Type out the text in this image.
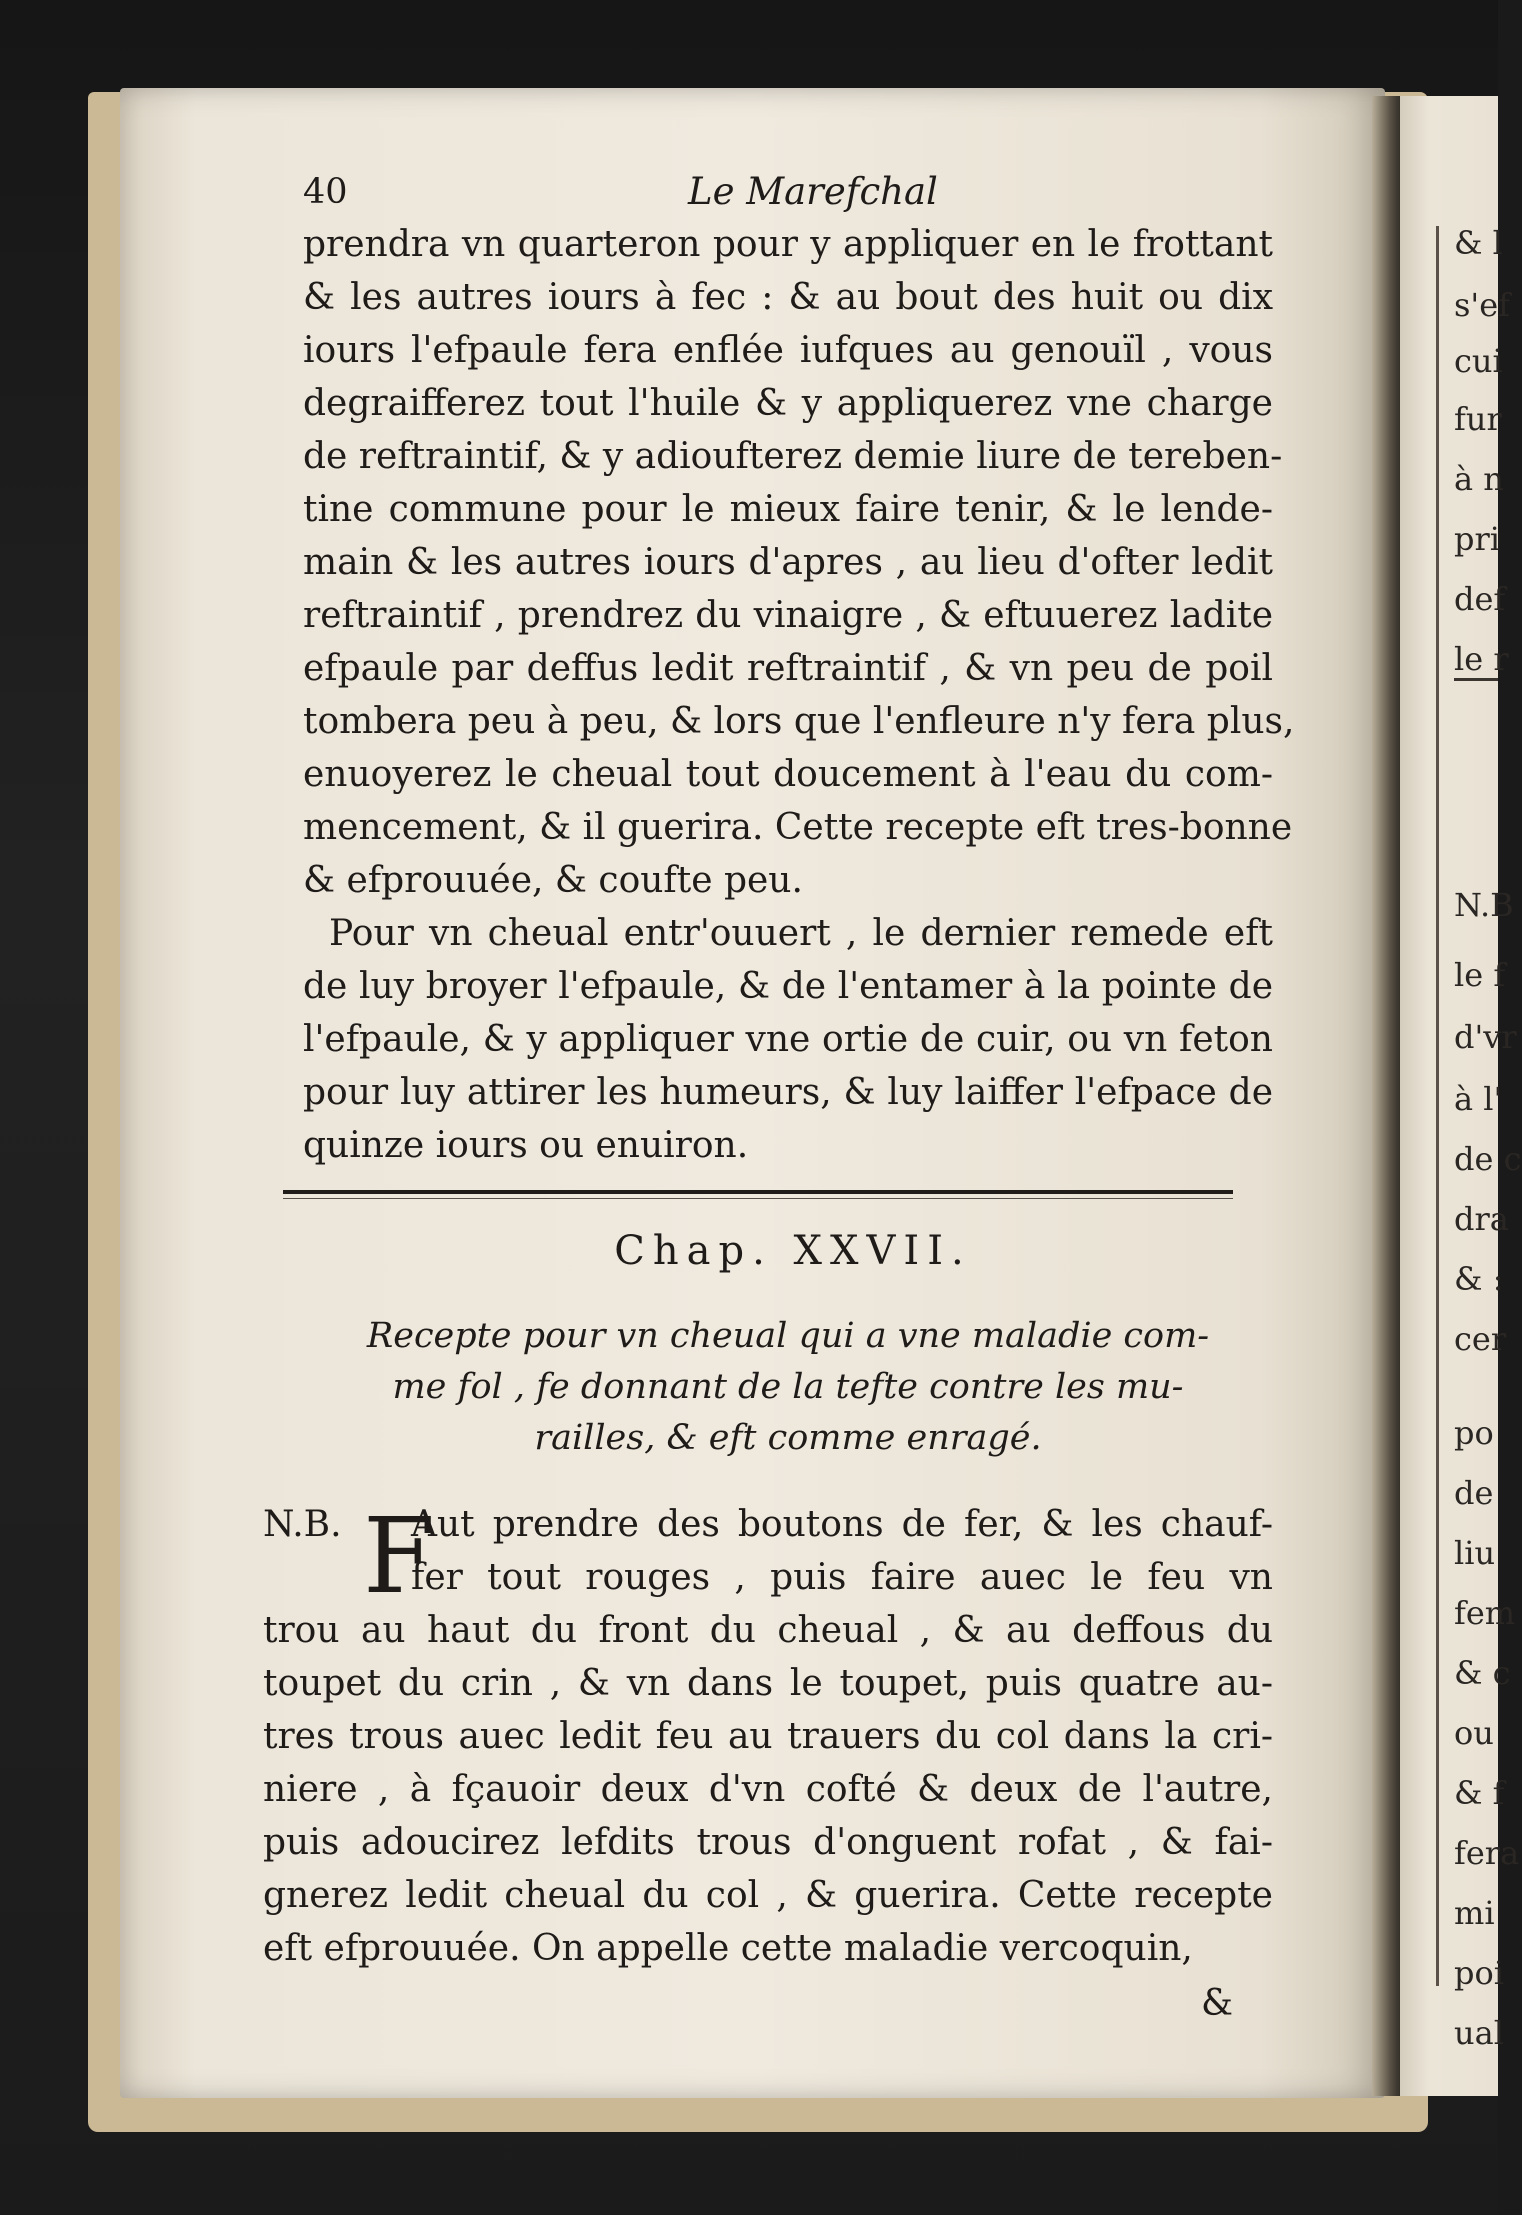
& l
s'ef
cui
fur
à n
pri
def
le r
N.B
le f
d'vr
à l'
de c
dra
& :
cer
po
de
liu
fem
& c
ou
& f
fera
mi
poi
ual
40	Le Marefchal
prendra vn quarteron pour y appliquer en le frottant
& les autres iours à fec : & au bout des huit ou dix
iours l'efpaule fera enflée iufques au genouïl , vous
degraifferez tout l'huile & y appliquerez vne charge
de reftraintif, & y adioufterez demie liure de tereben-
tine commune pour le mieux faire tenir, & le lende-
main & les autres iours d'apres , au lieu d'ofter ledit
reftraintif , prendrez du vinaigre , & eftuuerez ladite
efpaule par deffus ledit reftraintif , & vn peu de poil
tombera peu à peu, & lors que l'enfleure n'y fera plus,
enuoyerez le cheual tout doucement à l'eau du com-
mencement, & il guerira. Cette recepte eft tres-bonne
& efprouuée, & coufte peu.
Pour vn cheual entr'ouuert , le dernier remede eft
de luy broyer l'efpaule, & de l'entamer à la pointe de
l'efpaule, & y appliquer vne ortie de cuir, ou vn feton
pour luy attirer les humeurs, & luy laiffer l'efpace de
quinze iours ou enuiron.
Chap. XXVII.
Recepte pour vn cheual qui a vne maladie com-
me fol , fe donnant de la tefte contre les mu-
railles, & eft comme enragé.
N.B. F
Aut prendre des boutons de fer, & les chauf-
fer tout rouges , puis faire auec le feu vn
trou au haut du front du cheual , & au deffous du
toupet du crin , & vn dans le toupet, puis quatre au-
tres trous auec ledit feu au trauers du col dans la cri-
niere , à fçauoir deux d'vn cofté & deux de l'autre,
puis adoucirez lefdits trous d'onguent rofat , & fai-
gnerez ledit cheual du col , & guerira. Cette recepte
eft efprouuée. On appelle cette maladie vercoquin,
&
